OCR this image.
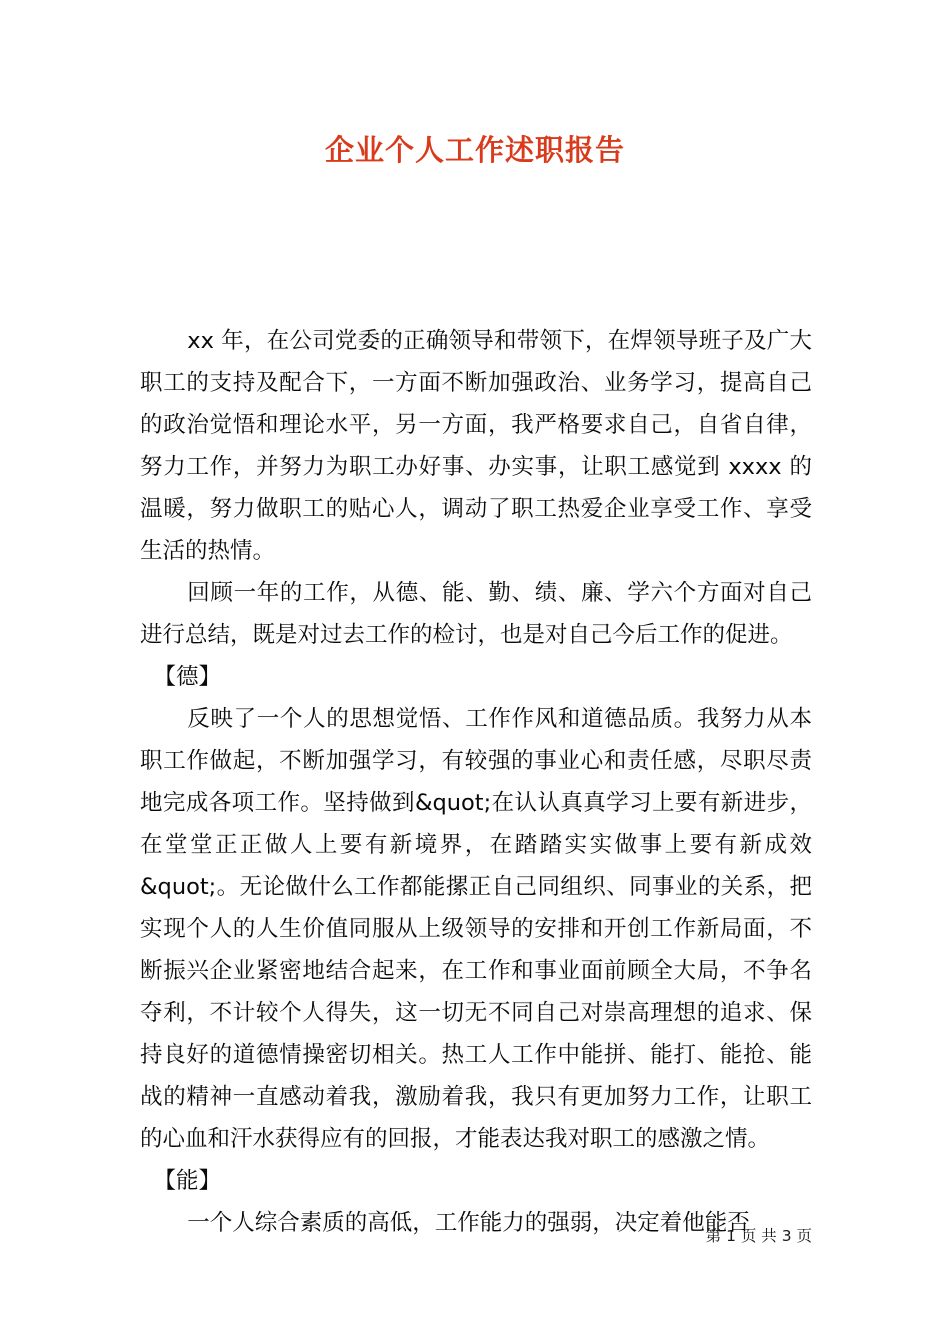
企业个人工作述职报告

xx 年，在公司党委的正确领导和带领下，在焊领导班子及广大职工的支持及配合下，一方面不断加强政治、业务学习，提高自己的政治觉悟和理论水平，另一方面，我严格要求自己，自省自律，努力工作，并努力为职工办好事、办实事，让职工感觉到 xxxx 的温暖，努力做职工的贴心人，调动了职工热爱企业享受工作、享受生活的热情。

回顾一年的工作，从德、能、勤、绩、廉、学六个方面对自己进行总结，既是对过去工作的检讨，也是对自己今后工作的促进。

【德】

反映了一个人的思想觉悟、工作作风和道德品质。我努力从本职工作做起，不断加强学习，有较强的事业心和责任感，尽职尽责地完成各项工作。坚持做到&quot;在认认真真学习上要有新进步，在堂堂正正做人上要有新境界，在踏踏实实做事上要有新成效&quot;。无论做什么工作都能摞正自己同组织、同事业的关系，把实现个人的人生价值同服从上级领导的安排和开创工作新局面，不断振兴企业紧密地结合起来，在工作和事业面前顾全大局，不争名夺利，不计较个人得失，这一切无不同自己对崇高理想的追求、保持良好的道德情操密切相关。热工人工作中能拼、能打、能抢、能战的精神一直感动着我，激励着我，我只有更加努力工作，让职工的心血和汗水获得应有的回报，才能表达我对职工的感激之情。

【能】

一个人综合素质的高低，工作能力的强弱，决定着他能否

第 1 页 共 3 页
